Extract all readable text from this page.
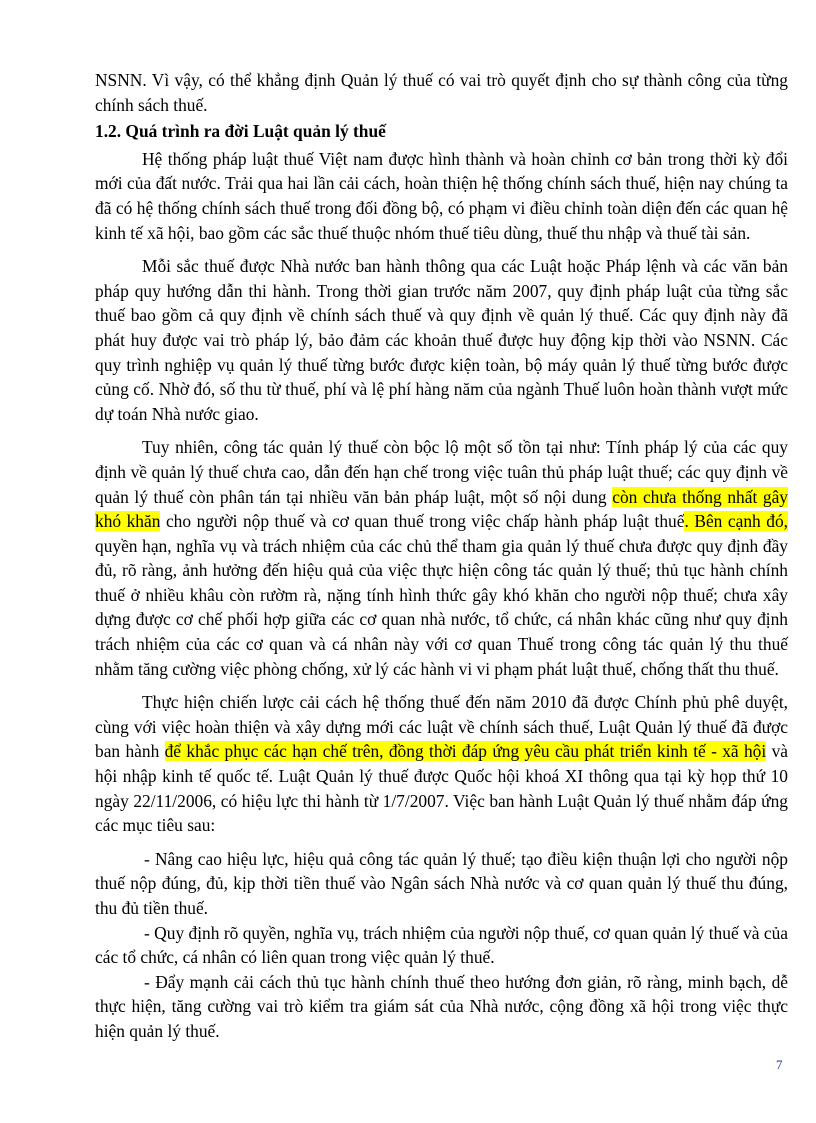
NSNN. Vì vậy, có thể khẳng định Quản lý thuế có vai trò quyết định cho sự thành công của từng chính sách thuế.

1.2. Quá trình ra đời Luật quản lý thuế

Hệ thống pháp luật thuế Việt nam được hình thành và hoàn chỉnh cơ bản trong thời kỳ đổi mới của đất nước. Trải qua hai lần cải cách, hoàn thiện hệ thống chính sách thuế, hiện nay chúng ta đã có hệ thống chính sách thuế trong đối đồng bộ, có phạm vi điều chỉnh toàn diện đến các quan hệ kinh tế xã hội, bao gồm các sắc thuế thuộc nhóm thuế tiêu dùng, thuế thu nhập và thuế tài sản.

Mỗi sắc thuế được Nhà nước ban hành thông qua các Luật hoặc Pháp lệnh và các văn bản pháp quy hướng dẫn thi hành. Trong thời gian trước năm 2007, quy định pháp luật của từng sắc thuế bao gồm cả quy định về chính sách thuế và quy định về quản lý thuế. Các quy định này đã phát huy được vai trò pháp lý, bảo đảm các khoản thuế được huy động kịp thời vào NSNN. Các quy trình nghiệp vụ quản lý thuế từng bước được kiện toàn, bộ máy quản lý thuế từng bước được củng cố. Nhờ đó, số thu từ thuế, phí và lệ phí hàng năm của ngành Thuế luôn hoàn thành vượt mức dự toán Nhà nước giao.

Tuy nhiên, công tác quản lý thuế còn bộc lộ một số tồn tại như: Tính pháp lý của các quy định về quản lý thuế chưa cao, dẫn đến hạn chế trong việc tuân thủ pháp luật thuế; các quy định về quản lý thuế còn phân tán tại nhiều văn bản pháp luật, một số nội dung còn chưa thống nhất gây khó khăn cho người nộp thuế và cơ quan thuế trong việc chấp hành pháp luật thuế. Bên cạnh đó, quyền hạn, nghĩa vụ và trách nhiệm của các chủ thể tham gia quản lý thuế chưa được quy định đầy đủ, rõ ràng, ảnh hưởng đến hiệu quả của việc thực hiện công tác quản lý thuế; thủ tục hành chính thuế ở nhiều khâu còn rườm rà, nặng tính hình thức gây khó khăn cho người nộp thuế; chưa xây dựng được cơ chế phối hợp giữa các cơ quan nhà nước, tổ chức, cá nhân khác cũng như quy định trách nhiệm của các cơ quan và cá nhân này với cơ quan Thuế trong công tác quản lý thu thuế nhằm tăng cường việc phòng chống, xử lý các hành vi vi phạm phát luật thuế, chống thất thu thuế.

Thực hiện chiến lược cải cách hệ thống thuế đến năm 2010 đã được Chính phủ phê duyệt, cùng với việc hoàn thiện và xây dựng mới các luật về chính sách thuế, Luật Quản lý thuế đã được ban hành để khắc phục các hạn chế trên, đồng thời đáp ứng yêu cầu phát triển kinh tế - xã hội và hội nhập kinh tế quốc tế. Luật Quản lý thuế được Quốc hội khoá XI thông qua tại kỳ họp thứ 10 ngày 22/11/2006, có hiệu lực thi hành từ 1/7/2007. Việc ban hành Luật Quản lý thuế nhằm đáp ứng các mục tiêu sau:

- Nâng cao hiệu lực, hiệu quả công tác quản lý thuế; tạo điều kiện thuận lợi cho người nộp thuế nộp đúng, đủ, kịp thời tiền thuế vào Ngân sách Nhà nước và cơ quan quản lý thuế thu đúng, thu đủ tiền thuế.

- Quy định rõ quyền, nghĩa vụ, trách nhiệm của người nộp thuế, cơ quan quản lý thuế và của các tổ chức, cá nhân có liên quan trong việc quản lý thuế.

- Đẩy mạnh cải cách thủ tục hành chính thuế theo hướng đơn giản, rõ ràng, minh bạch, dễ thực hiện, tăng cường vai trò kiểm tra giám sát của Nhà nước, cộng đồng xã hội trong việc thực hiện quản lý thuế.

7
